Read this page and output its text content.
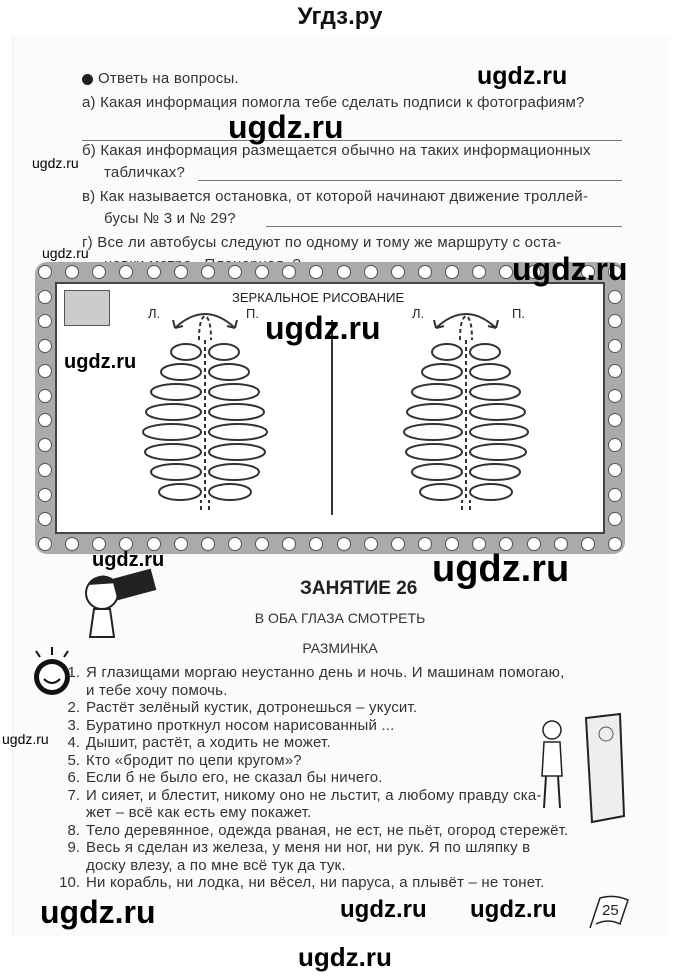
Угдз.ру
Ответь на вопросы.
а) Какая информация помогла тебе сделать подписи к фотографиям?
б) Какая информация размещается обычно на таких информационных
табличках?
в) Как называется остановка, от которой начинают движение троллей-
бусы № 3 и № 29?
г) Все ли автобусы следуют по одному и тому же маршруту с оста-
ЗЕРКАЛЬНОЕ РИСОВАНИЕ
Л.	П.	Л.	П.
ЗАНЯТИЕ 26
В ОБА ГЛАЗА СМОТРЕТЬ
РАЗМИНКА
1. Я глазищами моргаю неустанно день и ночь. И машинам помогаю,
и тебе хочу помочь.
2. Растёт зелёный кустик, дотронешься – укусит.
3. Буратино проткнул носом нарисованный ...
4. Дышит, растёт, а ходить не может.
5. Кто «бродит по цепи кругом»?
6. Если б не было его, не сказал бы ничего.
7. И сияет, и блестит, никому оно не льстит, а любому правду ска-
жет – всё как есть ему покажет.
8. Тело деревянное, одежда рваная, не ест, не пьёт, огород стережёт.
9. Весь я сделан из железа, у меня ни ног, ни рук. Я по шляпку в
доску влезу, а по мне всё тук да тук.
10. Ни корабль, ни лодка, ни вёсел, ни паруса, а плывёт – не тонет.
25
ugdz.ru
ugdz.ru
ugdz.ru
ugdz.ru	ugdz.ru
ugdz.ru
ugdz.ru
ugdz.ru	ugdz.ru
ugdz.ru
ugdz.ru
ugdz.ru	ugdz.ru
ugdz.ru
